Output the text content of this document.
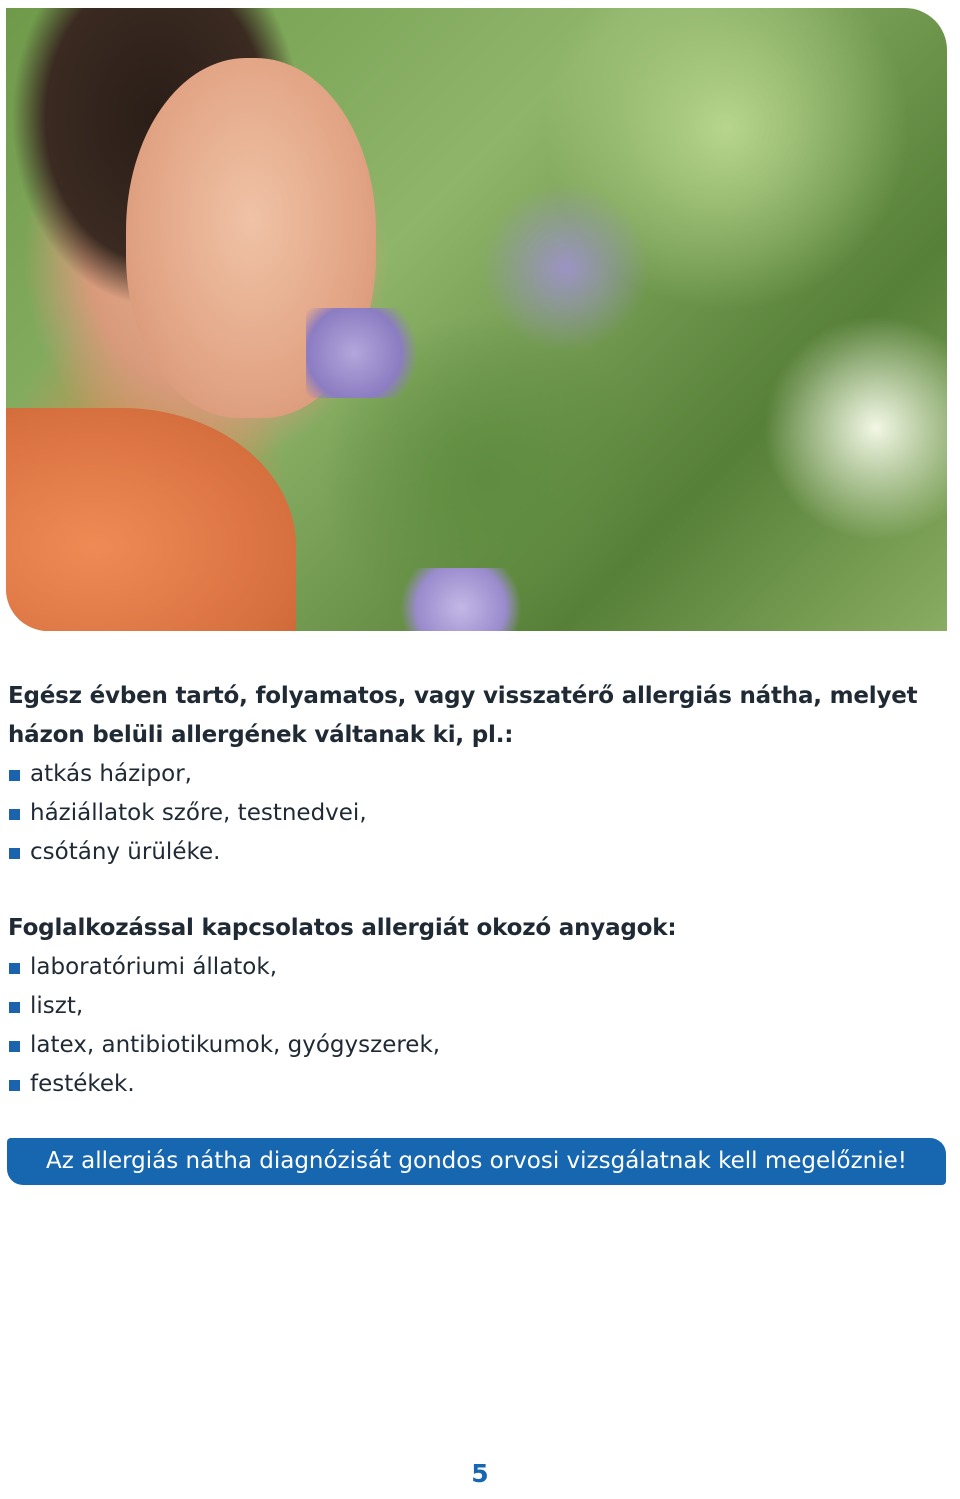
Egész évben tartó, folyamatos, vagy visszatérő allergiás nátha, melyet házon belüli allergének váltanak ki, pl.:

atkás házipor,
háziállatok szőre, testnedvei,
csótány ürüléke.

Foglalkozással kapcsolatos allergiát okozó anyagok:

laboratóriumi állatok,
liszt,
latex, antibiotikumok, gyógyszerek,
festékek.
Az allergiás nátha diagnózisát gondos orvosi vizsgálatnak kell megelőznie!
5
